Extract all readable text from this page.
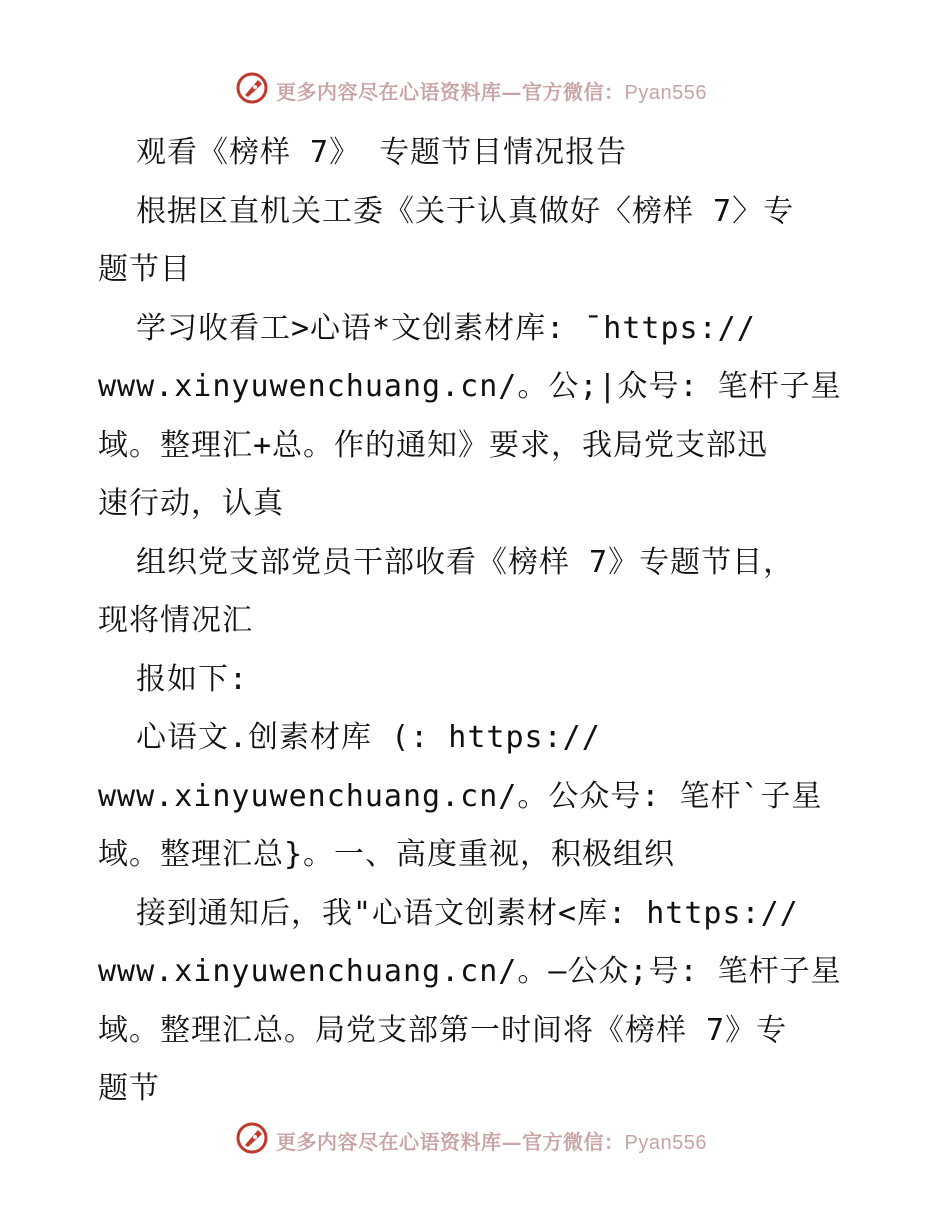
更多内容尽在心语资料库—官方微信：Pyan556
观看《榜样 7》 专题节目情况报告
根据区直机关工委《关于认真做好〈榜样 7〉专
题节目
学习收看工>心语*文创素材库: ¯https://
www.xinyuwenchuang.cn/。公;|众号: 笔杆子星
域。整理汇+总。作的通知》要求，我局党支部迅
速行动，认真
组织党支部党员干部收看《榜样 7》专题节目，
现将情况汇
报如下:
心语文.创素材库 (: https://
www.xinyuwenchuang.cn/。公众号: 笔杆`子星
域。整理汇总}。一、高度重视，积极组织
接到通知后，我"心语文创素材<库: https://
www.xinyuwenchuang.cn/。—公众;号: 笔杆子星
域。整理汇总。局党支部第一时间将《榜样 7》专
题节
更多内容尽在心语资料库—官方微信：Pyan556
